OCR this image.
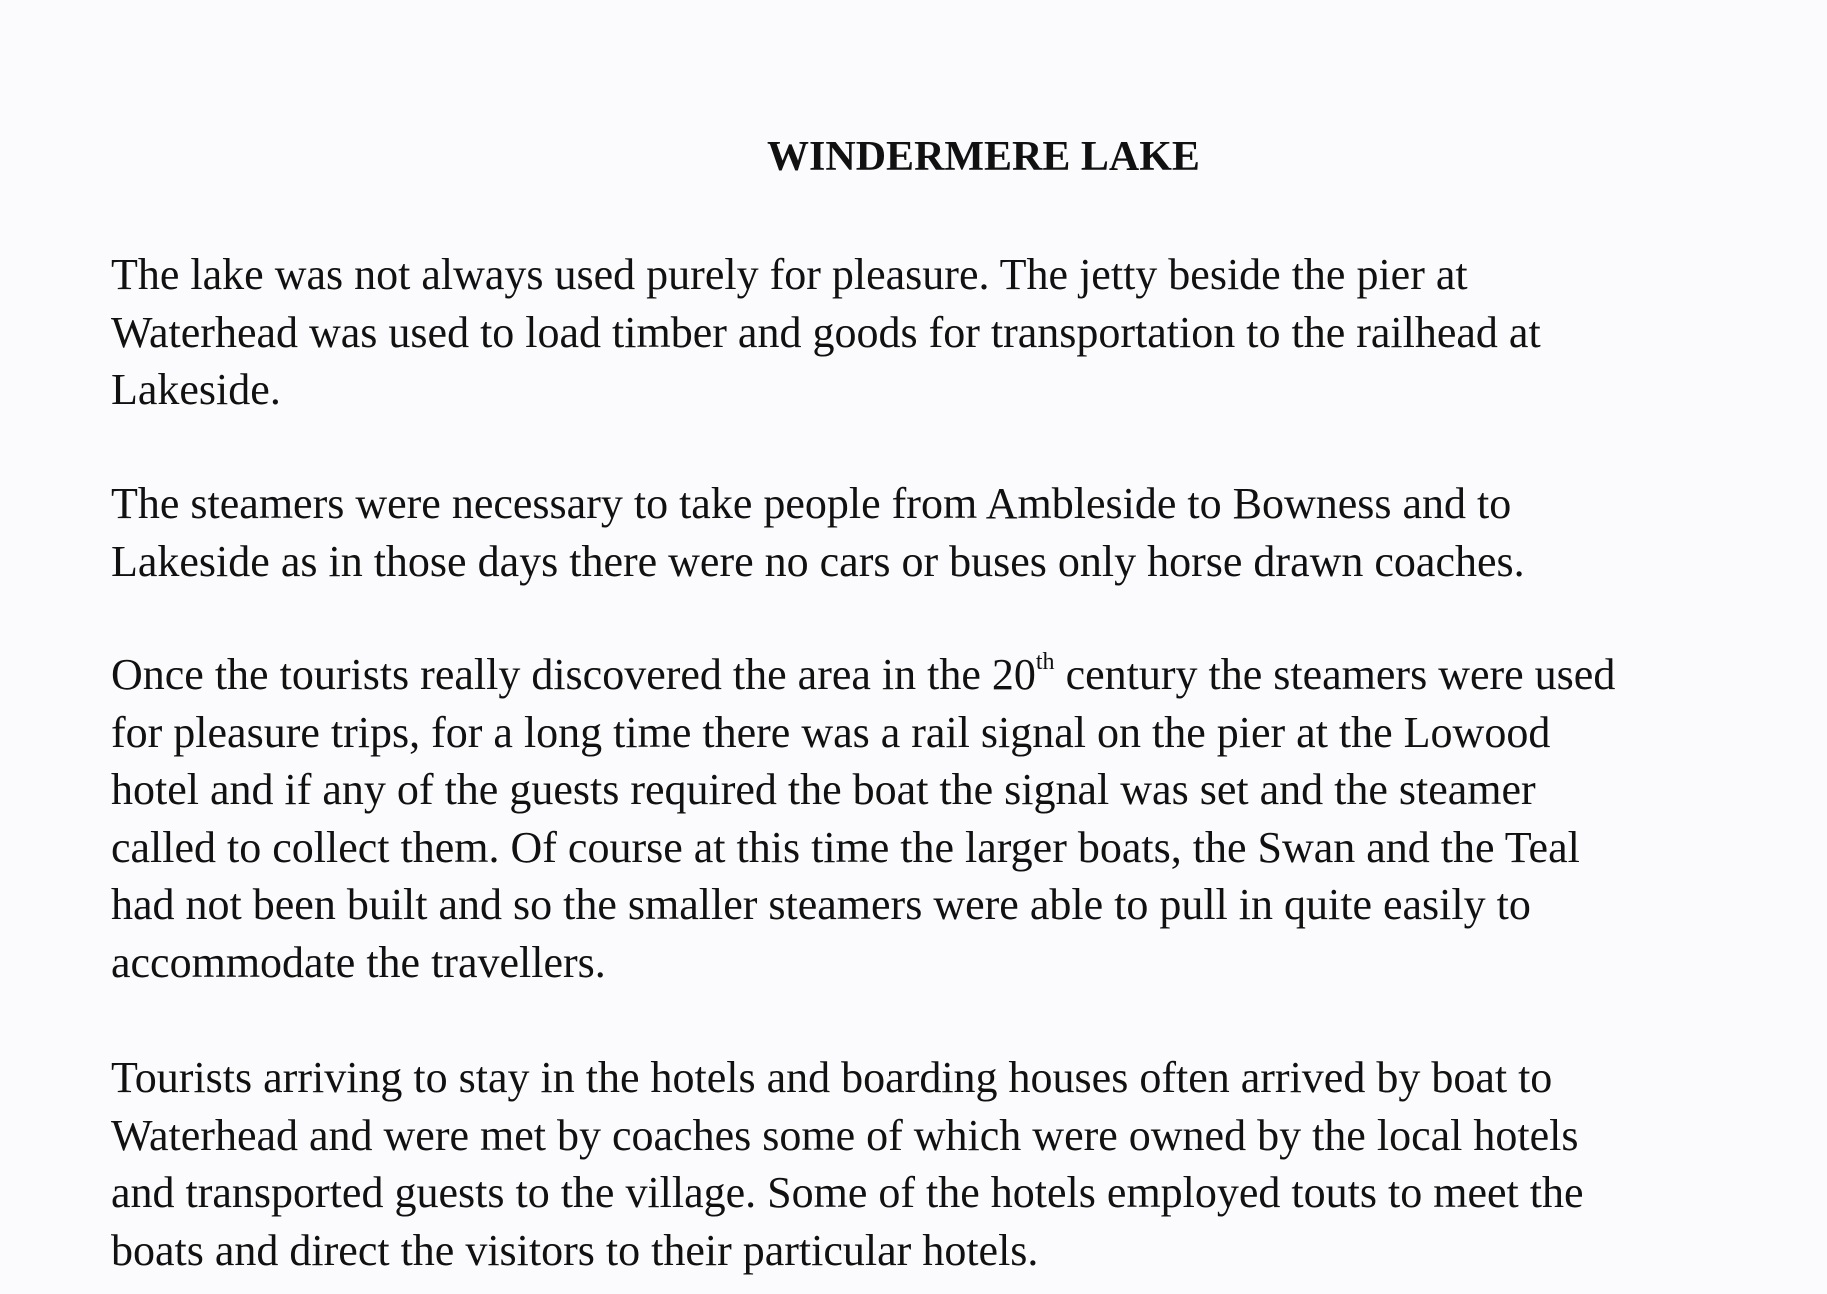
WINDERMERE LAKE

The lake was not always used purely for pleasure. The jetty beside the pier at
Waterhead was used to load timber and goods for transportation to the railhead at
Lakeside.

The steamers were necessary to take people from Ambleside to Bowness and to
Lakeside as in those days there were no cars or buses only horse drawn coaches.

Once the tourists really discovered the area in the 20th century the steamers were used
for pleasure trips, for a long time there was a rail signal on the pier at the Lowood
hotel and if any of the guests required the boat the signal was set and the steamer
called to collect them. Of course at this time the larger boats, the Swan and the Teal
had not been built and so the smaller steamers were able to pull in quite easily to
accommodate the travellers.

Tourists arriving to stay in the hotels and boarding houses often arrived by boat to
Waterhead and were met by coaches some of which were owned by the local hotels
and transported guests to the village. Some of the hotels employed touts to meet the
boats and direct the visitors to their particular hotels.
